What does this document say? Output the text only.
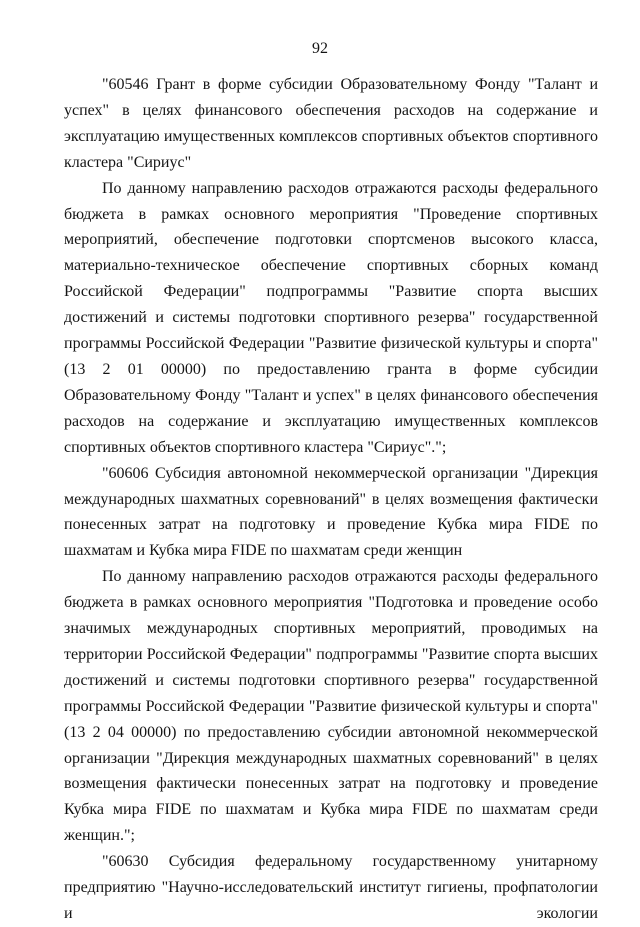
92

"60546 Грант в форме субсидии Образовательному Фонду "Талант и успех" в целях финансового обеспечения расходов на содержание и эксплуатацию имущественных комплексов спортивных объектов спортивного кластера "Сириус"

По данному направлению расходов отражаются расходы федерального бюджета в рамках основного мероприятия "Проведение спортивных мероприятий, обеспечение подготовки спортсменов высокого класса, материально-техническое обеспечение спортивных сборных команд Российской Федерации" подпрограммы "Развитие спорта высших достижений и системы подготовки спортивного резерва" государственной программы Российской Федерации "Развитие физической культуры и спорта" (13 2 01 00000) по предоставлению гранта в форме субсидии Образовательному Фонду "Талант и успех" в целях финансового обеспечения расходов на содержание и эксплуатацию имущественных комплексов спортивных объектов спортивного кластера "Сириус".";

"60606 Субсидия автономной некоммерческой организации "Дирекция международных шахматных соревнований" в целях возмещения фактически понесенных затрат на подготовку и проведение Кубка мира FIDE по шахматам и Кубка мира FIDE по шахматам среди женщин

По данному направлению расходов отражаются расходы федерального бюджета в рамках основного мероприятия "Подготовка и проведение особо значимых международных спортивных мероприятий, проводимых на территории Российской Федерации" подпрограммы "Развитие спорта высших достижений и системы подготовки спортивного резерва" государственной программы Российской Федерации "Развитие физической культуры и спорта" (13 2 04 00000) по предоставлению субсидии автономной некоммерческой организации "Дирекция международных шахматных соревнований" в целях возмещения фактически понесенных затрат на подготовку и проведение Кубка мира FIDE по шахматам и Кубка мира FIDE по шахматам среди женщин.";

"60630 Субсидия федеральному государственному унитарному предприятию "Научно-исследовательский институт гигиены, профпатологии и экологии
